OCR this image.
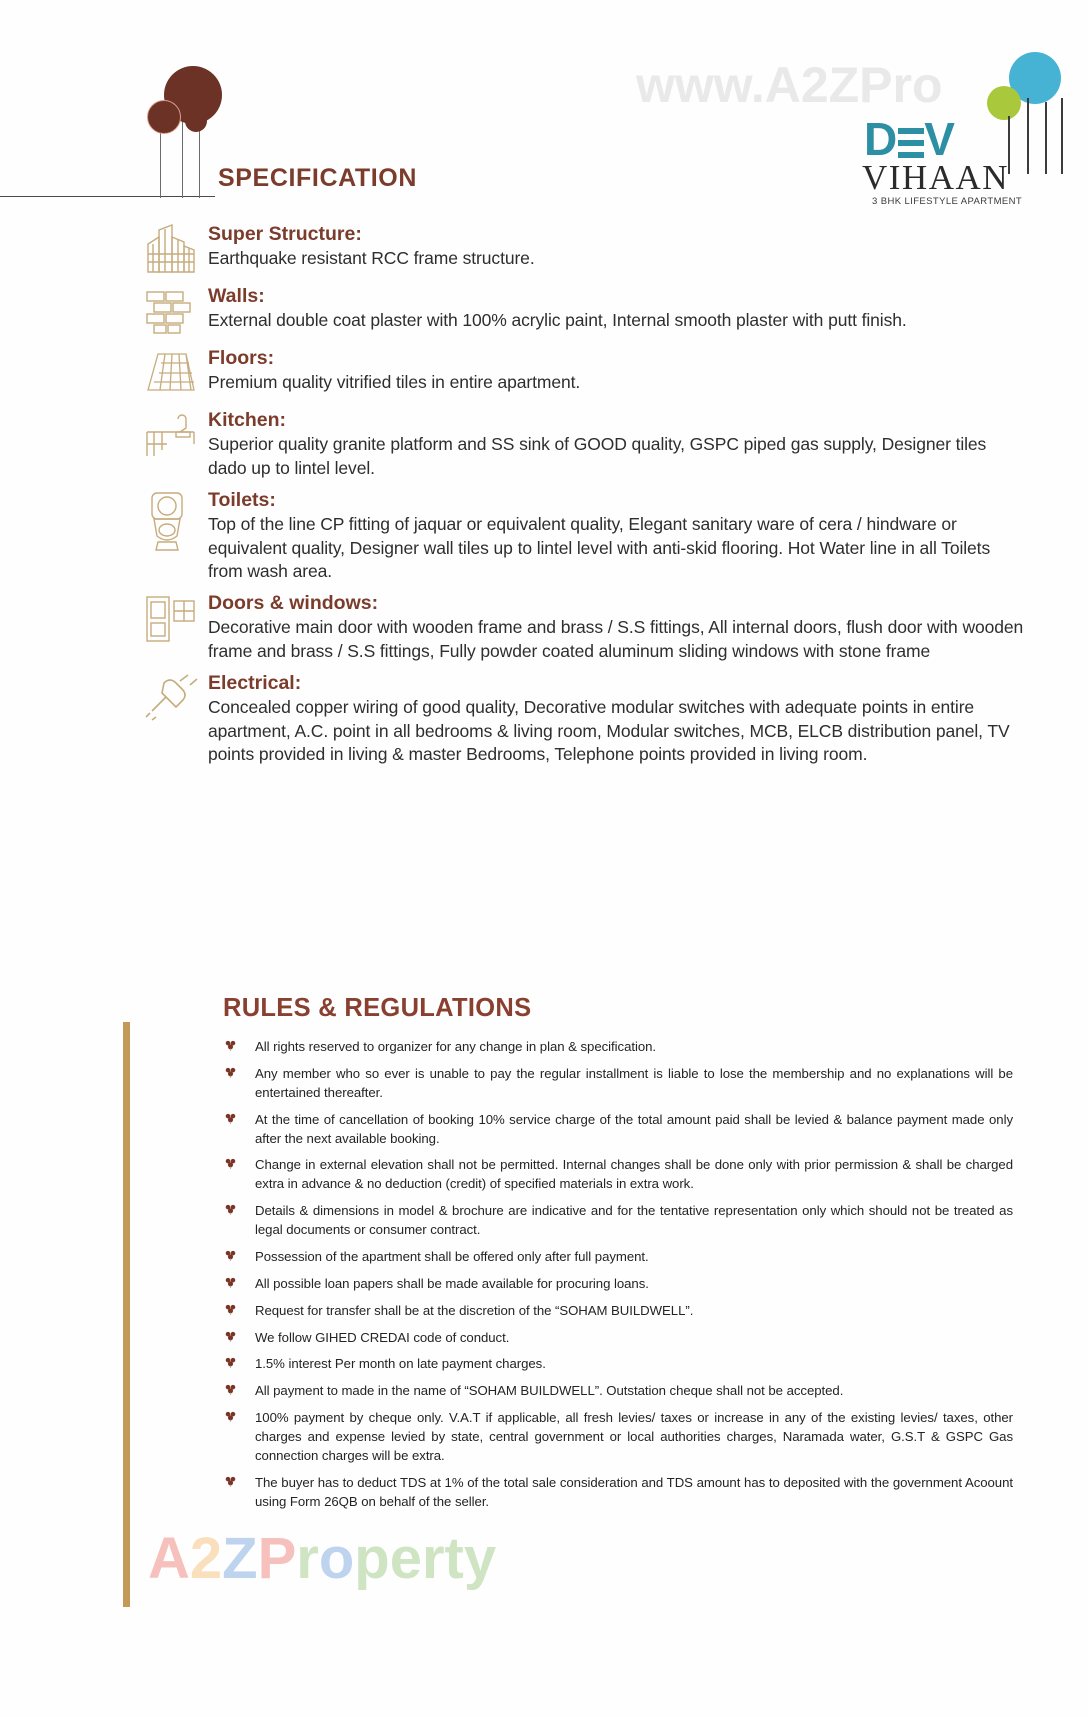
www.A2ZPro
A2ZProperty
SPECIFICATION
D V
VIHAAN
3 BHK LIFESTYLE APARTMENT
Super Structure:
Earthquake resistant RCC frame structure.
Walls:
External double coat plaster with 100% acrylic paint, Internal smooth plaster with putt finish.
Floors:
Premium quality vitrified tiles in entire apartment.
Kitchen:
Superior quality granite platform and SS sink of GOOD quality, GSPC piped gas supply, Designer tiles dado up to lintel level.
Toilets:
Top of the line CP fitting of jaquar or equivalent quality, Elegant sanitary ware of cera / hindware or equivalent quality, Designer wall tiles up to lintel level with anti-skid flooring. Hot Water line in all Toilets from wash area.
Doors & windows:
Decorative main door with wooden frame and brass / S.S fittings, All internal doors, flush door with wooden frame and brass / S.S fittings, Fully powder coated aluminum sliding windows with stone frame
Electrical:
Concealed copper wiring of good quality, Decorative modular switches with adequate points in entire apartment, A.C. point in all bedrooms & living room, Modular switches, MCB, ELCB distribution panel, TV points provided in living & master Bedrooms, Telephone points provided in living room.
RULES & REGULATIONS
All rights reserved to organizer for any change in plan & specification.
Any member who so ever is unable to pay the regular installment is liable to lose the membership and no explanations will be entertained thereafter.
At the time of cancellation of booking 10% service charge of the total amount paid shall be levied & balance payment made only after the next available booking.
Change in external elevation shall not be permitted. Internal changes shall be done only with prior permission & shall be charged extra in advance & no deduction (credit) of specified materials in extra work.
Details & dimensions in model & brochure are indicative and for the tentative representation only which should not be treated as legal documents or consumer contract.
Possession of the apartment shall be offered only after full payment.
All possible loan papers shall be made available for procuring loans.
Request for transfer shall be at the discretion of the “SOHAM BUILDWELL”.
We follow GIHED CREDAI code of conduct.
1.5% interest Per month on late payment charges.
All payment to made in the name of “SOHAM BUILDWELL”. Outstation cheque shall not be accepted.
100% payment by cheque only. V.A.T if applicable, all fresh levies/ taxes or increase in any of the existing levies/ taxes, other charges and expense levied by state, central government or local authorities charges, Naramada water, G.S.T & GSPC Gas connection charges will be extra.
The buyer has to deduct TDS at 1% of the total sale consideration and TDS amount has to deposited with the government Acoount using Form 26QB on behalf of the seller.
